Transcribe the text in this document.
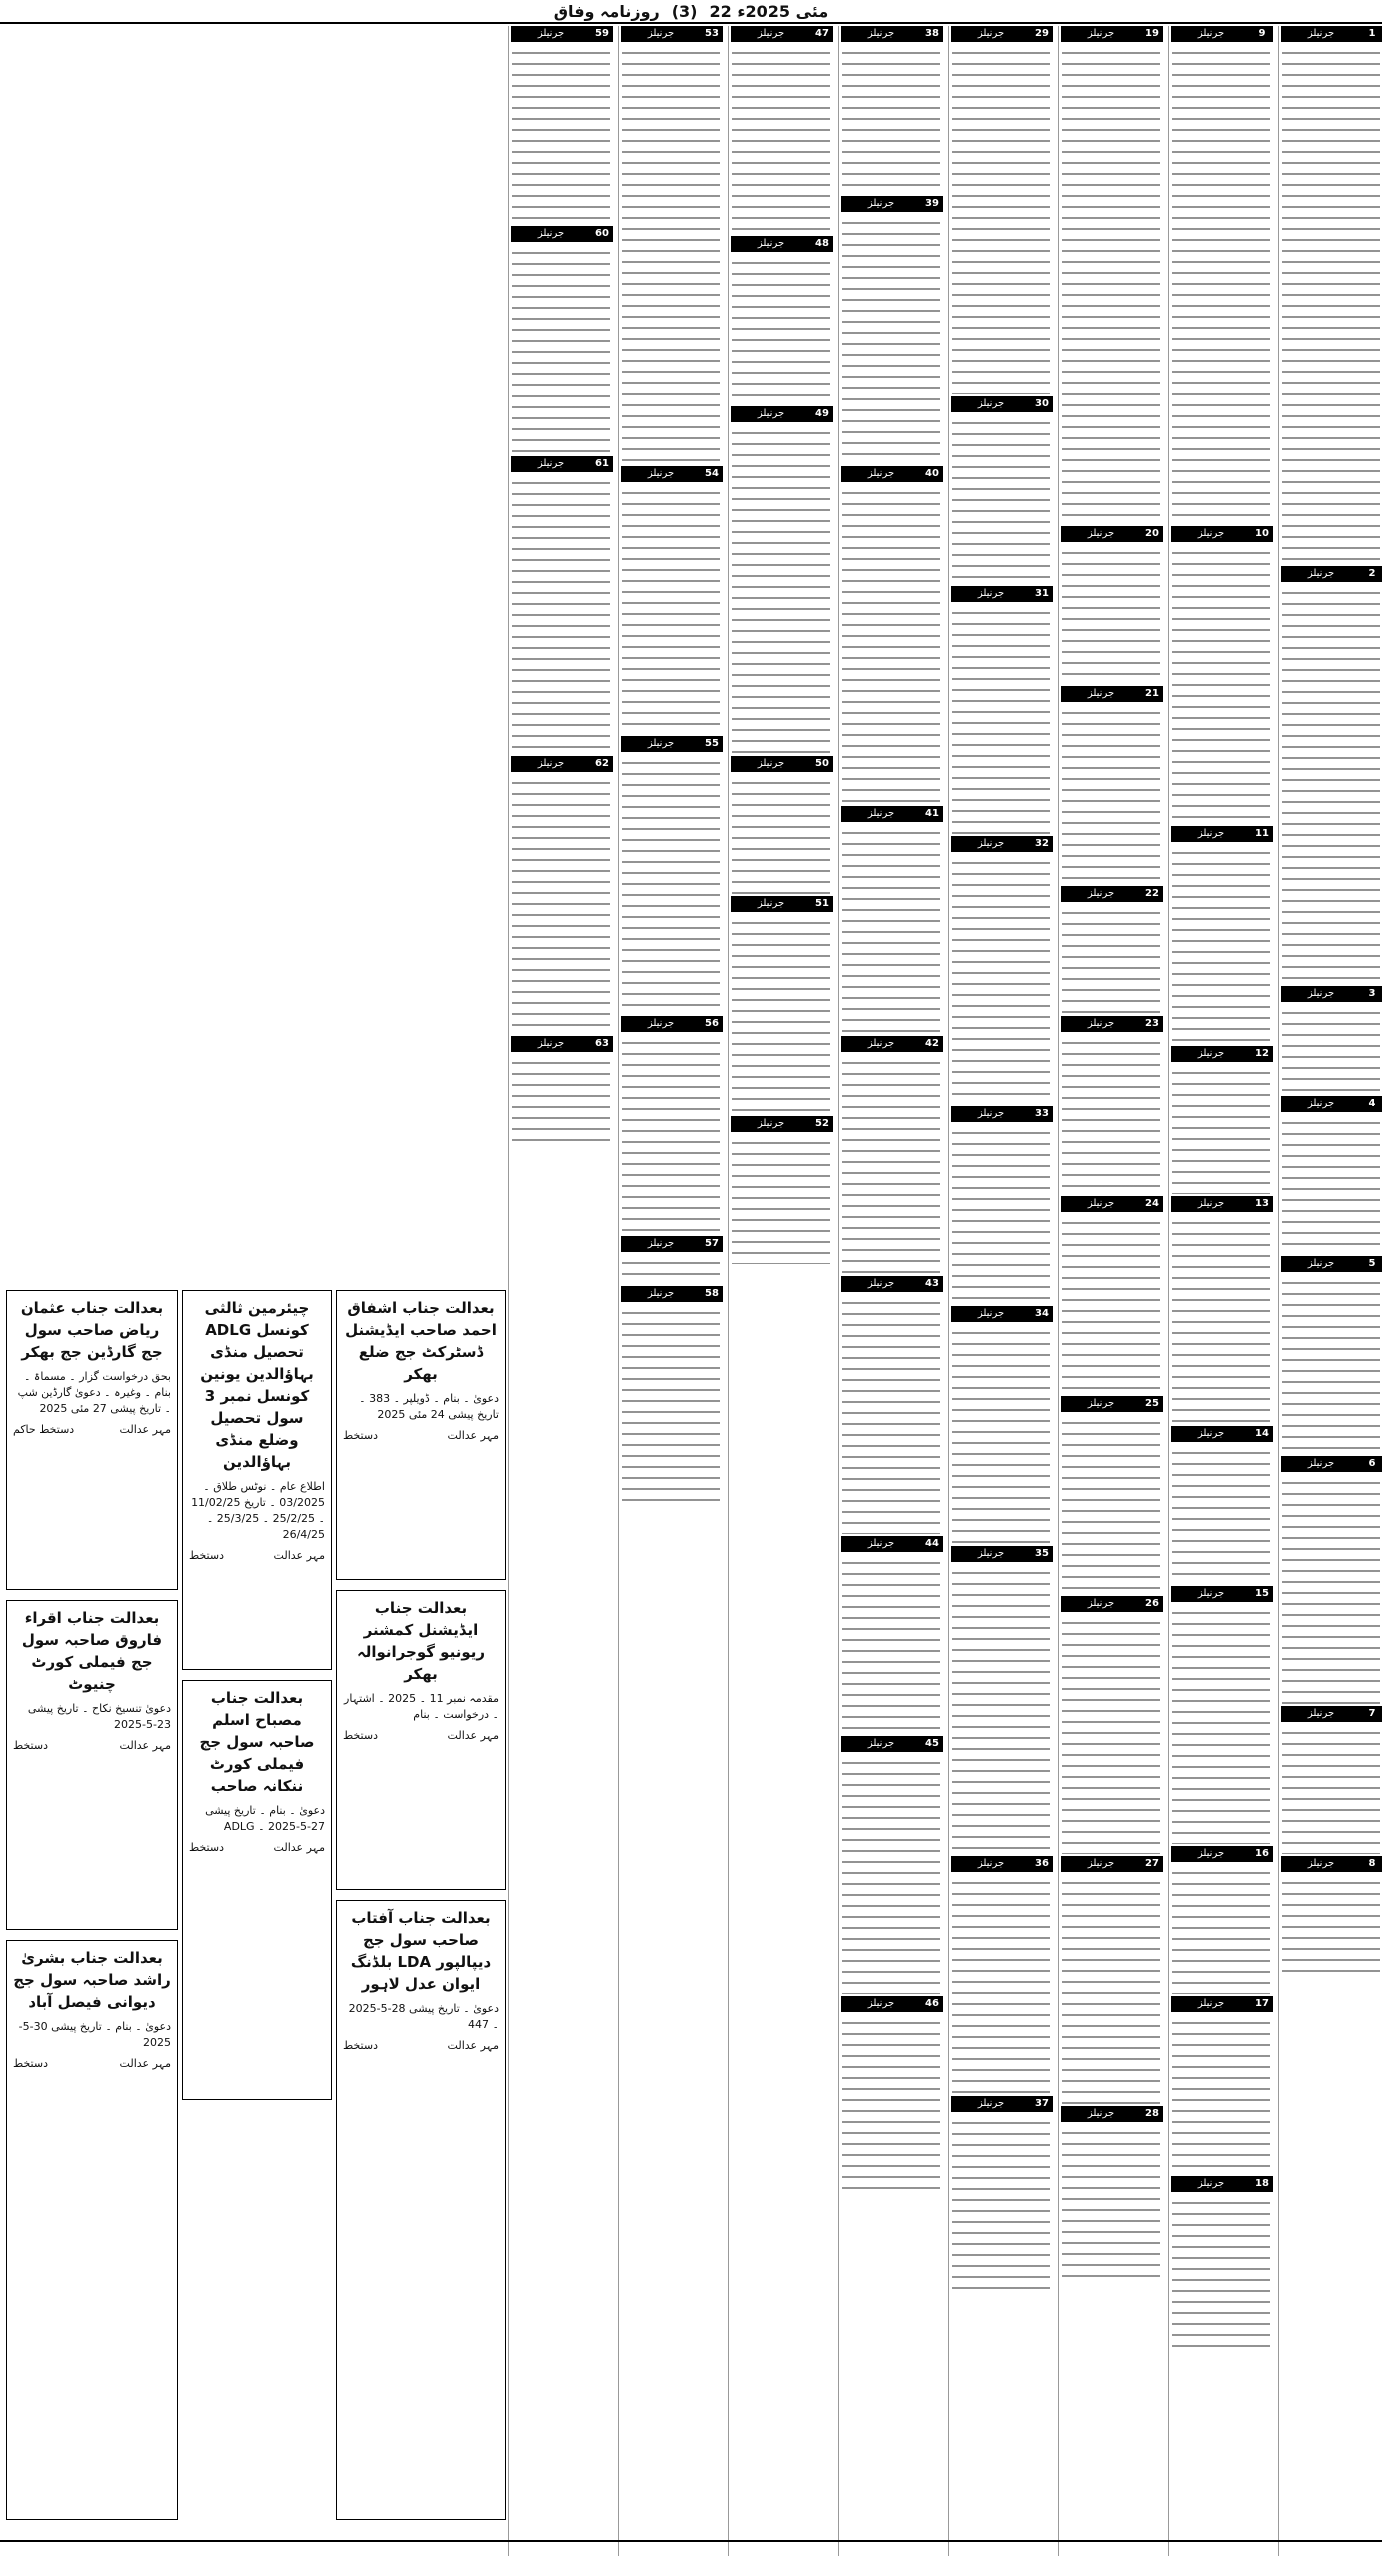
روزنامہ وفاق (3) 22 مئی 2025ء
جرنیلز	1
جرنیلز	2
جرنیلز	3
جرنیلز	4
جرنیلز	5
جرنیلز	6
جرنیلز	7
جرنیلز	8
جرنیلز	9
جرنیلز	10
جرنیلز	11
جرنیلز	12
جرنیلز	13
جرنیلز	14
جرنیلز	15
جرنیلز	16
جرنیلز	17
جرنیلز	18
جرنیلز	19
جرنیلز	20
جرنیلز	21
جرنیلز	22
جرنیلز	23
جرنیلز	24
جرنیلز	25
جرنیلز	26
جرنیلز	27
جرنیلز	28
جرنیلز	29
جرنیلز	30
جرنیلز	31
جرنیلز	32
جرنیلز	33
جرنیلز	34
جرنیلز	35
جرنیلز	36
جرنیلز	37
جرنیلز	38
جرنیلز	39
جرنیلز	40
جرنیلز	41
جرنیلز	42
جرنیلز	43
جرنیلز	44
جرنیلز	45
جرنیلز	46
جرنیلز	47
جرنیلز	48
جرنیلز	49
جرنیلز	50
جرنیلز	51
جرنیلز	52
جرنیلز	53
جرنیلز	54
جرنیلز	55
جرنیلز	56
جرنیلز	57
جرنیلز	58
جرنیلز	59
جرنیلز	60
جرنیلز	61
جرنیلز	62
جرنیلز	63
بعدالت جناب عثمان ریاض صاحب سول جج گارڈین جج بھکر
بحق درخواست گزار ۔ مسماۃ ۔ بنام ۔ وغیرہ ۔ دعویٰ گارڈین شپ ۔ تاریخ پیشی 27 مئی 2025
مہر عدالت
دستخط حاکم
چیئرمین ثالثی کونسل ADLG تحصیل منڈی بہاؤالدین یونین کونسل نمبر 3 سول تحصیل وضلع منڈی بہاؤالدین
اطلاع عام ۔ نوٹس طلاق ۔ 03/2025 ۔ تاریخ 11/02/25 ۔ 25/2/25 ۔ 25/3/25 ۔ 26/4/25
مہر عدالت
دستخط
بعدالت جناب اشفاق احمد صاحب ایڈیشنل ڈسٹرکٹ جج ضلع بھکر
دعویٰ ۔ بنام ۔ ڈویلپر ۔ 383 ۔ تاریخ پیشی 24 مئی 2025
مہر عدالت
دستخط
بعدالت جناب ایڈیشنل کمشنر ریونیو گوجرانوالہ بھکر
مقدمہ نمبر 11 ۔ 2025 ۔ اشتہار ۔ درخواست ۔ بنام
مہر عدالت
دستخط
بعدالت جناب اقراء فاروق صاحبہ سول جج فیملی کورٹ چنیوٹ
دعویٰ تنسیخ نکاح ۔ تاریخ پیشی 23-5-2025
مہر عدالت
دستخط
بعدالت جناب مصباح اسلم صاحبہ سول جج فیملی کورٹ ننکانہ صاحب
دعویٰ ۔ بنام ۔ تاریخ پیشی 27-5-2025 ۔ ADLG
مہر عدالت
دستخط
بعدالت جناب آفتاب صاحب سول جج دیپالپور LDA بلڈنگ ایوان عدل لاہور
دعویٰ ۔ تاریخ پیشی 28-5-2025 ۔ 447
مہر عدالت
دستخط
بعدالت جناب بشریٰ راشد صاحبہ سول جج دیوانی فیصل آباد
دعویٰ ۔ بنام ۔ تاریخ پیشی 30-5-2025
مہر عدالت
دستخط
